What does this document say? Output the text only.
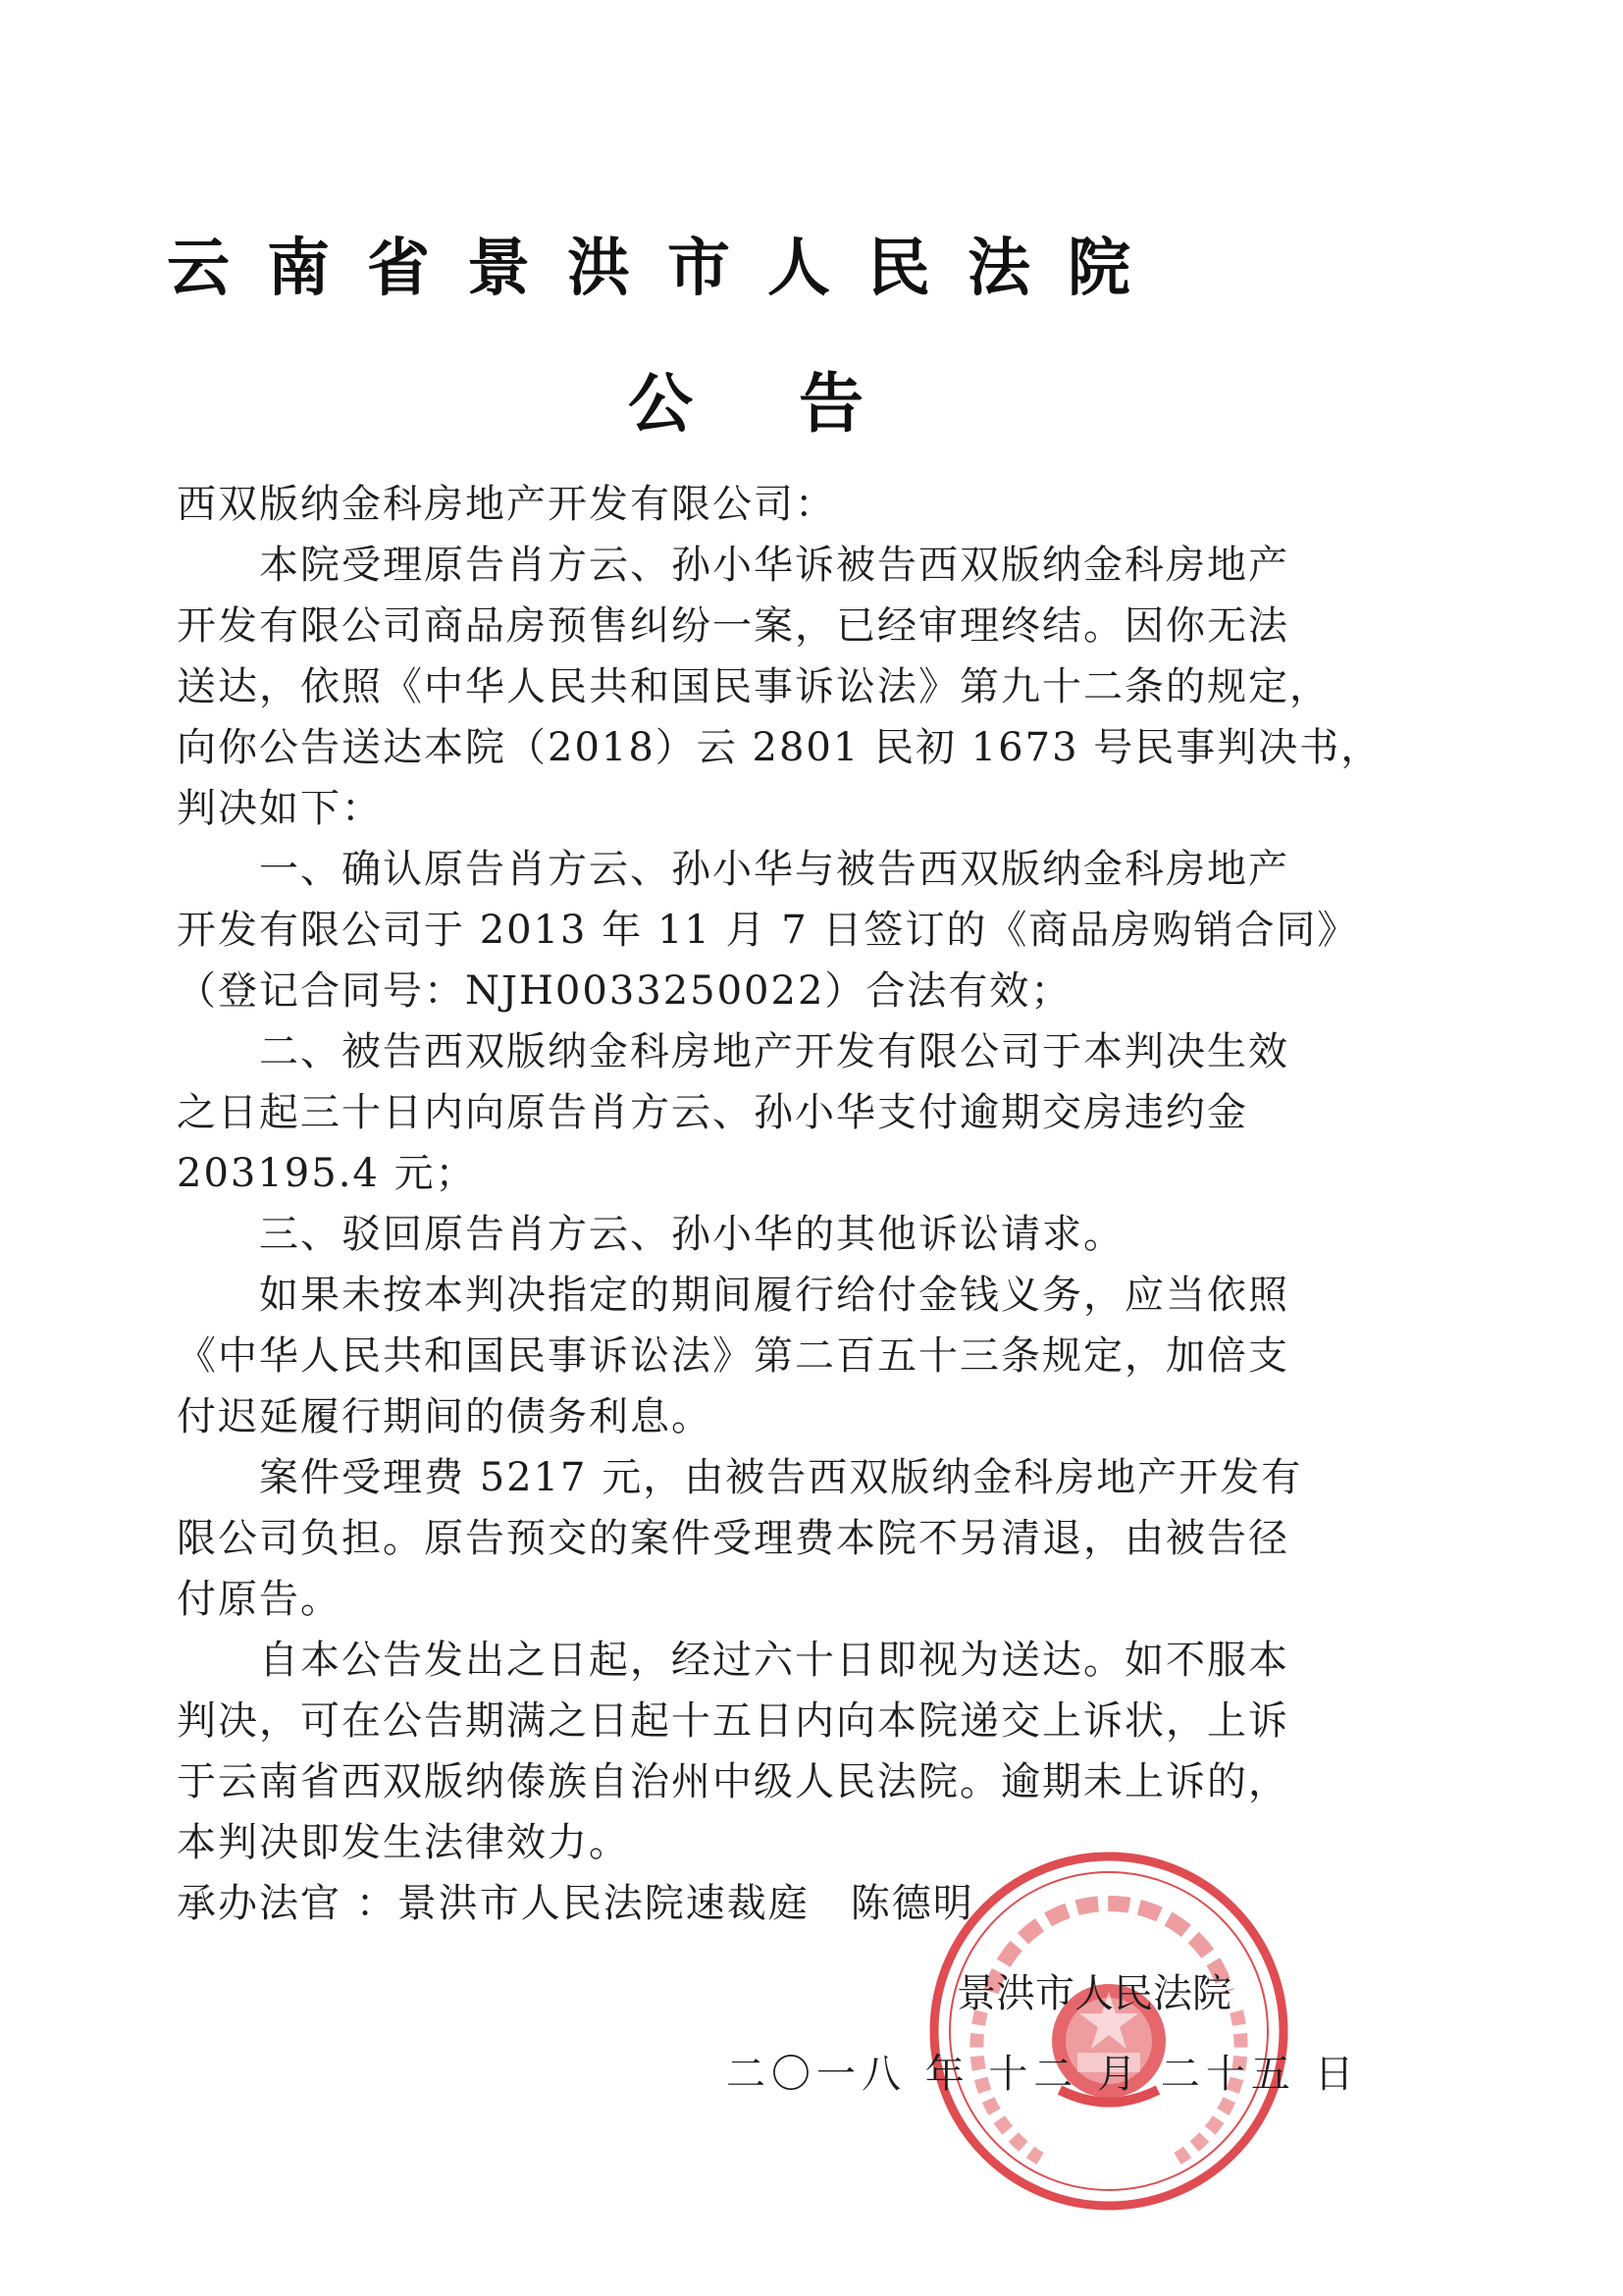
云南省景洪市人民法院
公告
西双版纳金科房地产开发有限公司：
　　本院受理原告肖方云、孙小华诉被告西双版纳金科房地产
开发有限公司商品房预售纠纷一案，已经审理终结。因你无法
送达，依照《中华人民共和国民事诉讼法》第九十二条的规定，
向你公告送达本院（2018）云 2801 民初 1673 号民事判决书，
判决如下：
　　一、确认原告肖方云、孙小华与被告西双版纳金科房地产
开发有限公司于 2013 年 11 月 7 日签订的《商品房购销合同》
（登记合同号：NJH0033250022）合法有效；
　　二、被告西双版纳金科房地产开发有限公司于本判决生效
之日起三十日内向原告肖方云、孙小华支付逾期交房违约金
203195.4 元；
　　三、驳回原告肖方云、孙小华的其他诉讼请求。
　　如果未按本判决指定的期间履行给付金钱义务，应当依照
《中华人民共和国民事诉讼法》第二百五十三条规定，加倍支
付迟延履行期间的债务利息。
　　案件受理费 5217 元，由被告西双版纳金科房地产开发有
限公司负担。原告预交的案件受理费本院不另清退，由被告径
付原告。
　　自本公告发出之日起，经过六十日即视为送达。如不服本
判决，可在公告期满之日起十五日内向本院递交上诉状，上诉
于云南省西双版纳傣族自治州中级人民法院。逾期未上诉的，
本判决即发生法律效力。
承办法官 ：景洪市人民法院速裁庭　陈德明
景洪市人民法院
二〇一八 年 十二 月 二十五 日
